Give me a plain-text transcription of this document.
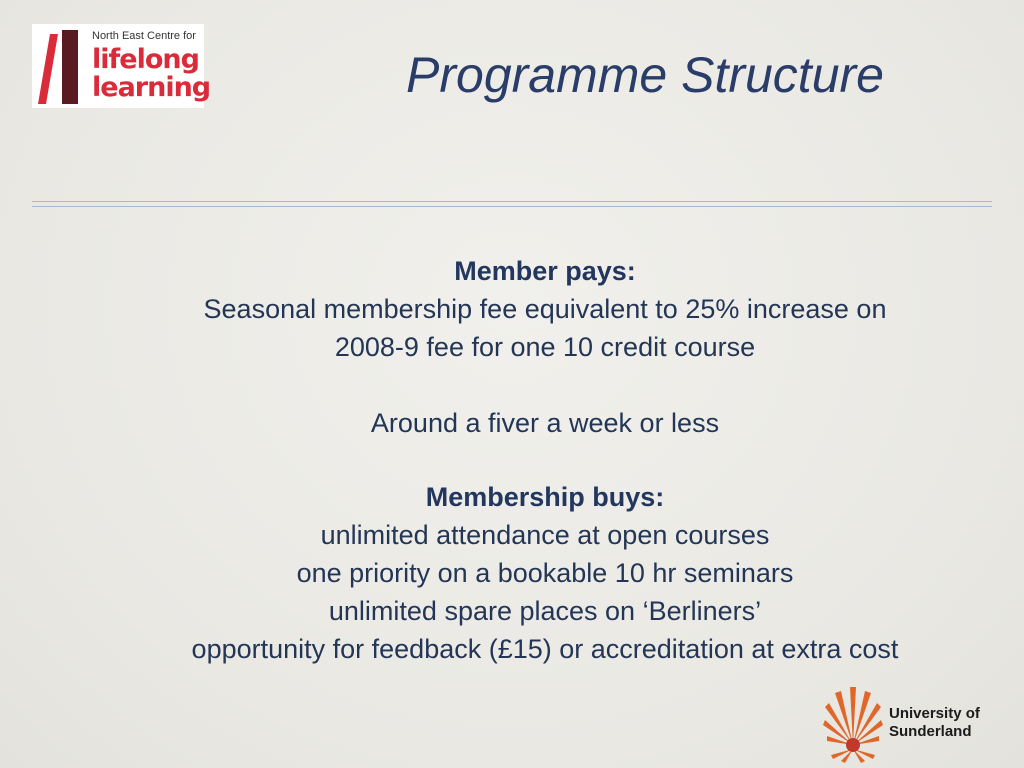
North East Centre for
lifelong
learning	Programme Structure

Member pays:

Seasonal membership fee equivalent to 25% increase on

2008-9 fee for one 10 credit course

Around a fiver a week or less

Membership buys:

unlimited attendance at open courses

one priority on a bookable 10 hr seminars

unlimited spare places on ‘Berliners’

opportunity for feedback (£15) or accreditation at extra cost

University of
Sunderland
